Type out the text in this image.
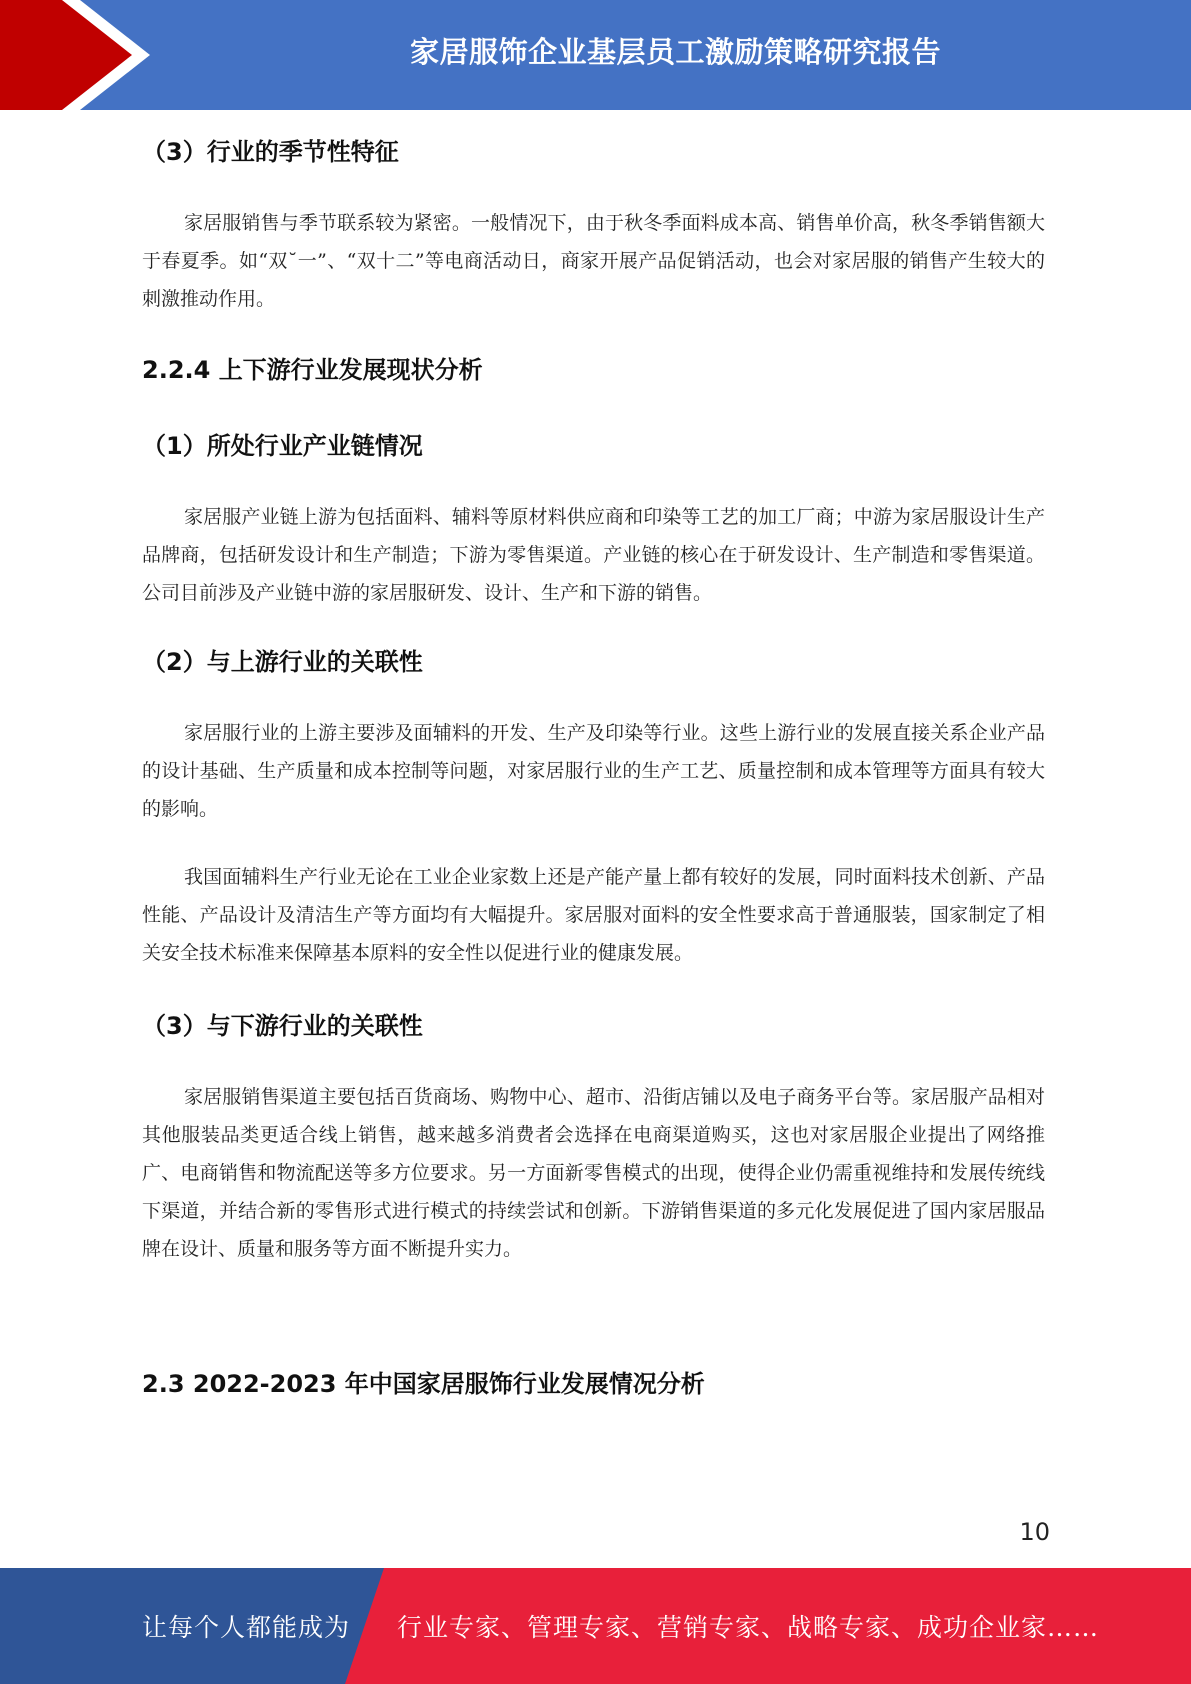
家居服饰企业基层员工激励策略研究报告
（3）行业的季节性特征

家居服销售与季节联系较为紧密。一般情况下，由于秋冬季面料成本高、销售单价高，秋冬季销售额大于春夏季。如“双˘一”、“双十二”等电商活动日，商家开展产品促销活动，也会对家居服的销售产生较大的刺激推动作用。

2.2.4 上下游行业发展现状分析
（1）所处行业产业链情况

家居服产业链上游为包括面料、辅料等原材料供应商和印染等工艺的加工厂商；中游为家居服设计生产品牌商，包括研发设计和生产制造；下游为零售渠道。产业链的核心在于研发设计、生产制造和零售渠道。公司目前涉及产业链中游的家居服研发、设计、生产和下游的销售。

（2）与上游行业的关联性

家居服行业的上游主要涉及面辅料的开发、生产及印染等行业。这些上游行业的发展直接关系企业产品的设计基础、生产质量和成本控制等问题，对家居服行业的生产工艺、质量控制和成本管理等方面具有较大的影响。

我国面辅料生产行业无论在工业企业家数上还是产能产量上都有较好的发展，同时面料技术创新、产品性能、产品设计及清洁生产等方面均有大幅提升。家居服对面料的安全性要求高于普通服装，国家制定了相关安全技术标准来保障基本原料的安全性以促进行业的健康发展。

（3）与下游行业的关联性

家居服销售渠道主要包括百货商场、购物中心、超市、沿街店铺以及电子商务平台等。家居服产品相对其他服装品类更适合线上销售，越来越多消费者会选择在电商渠道购买，这也对家居服企业提出了网络推广、电商销售和物流配送等多方位要求。另一方面新零售模式的出现，使得企业仍需重视维持和发展传统线下渠道，并结合新的零售形式进行模式的持续尝试和创新。下游销售渠道的多元化发展促进了国内家居服品牌在设计、质量和服务等方面不断提升实力。

2.3 2022-2023 年中国家居服饰行业发展情况分析
10
让每个人都能成为 行业专家、管理专家、营销专家、战略专家、成功企业家……
